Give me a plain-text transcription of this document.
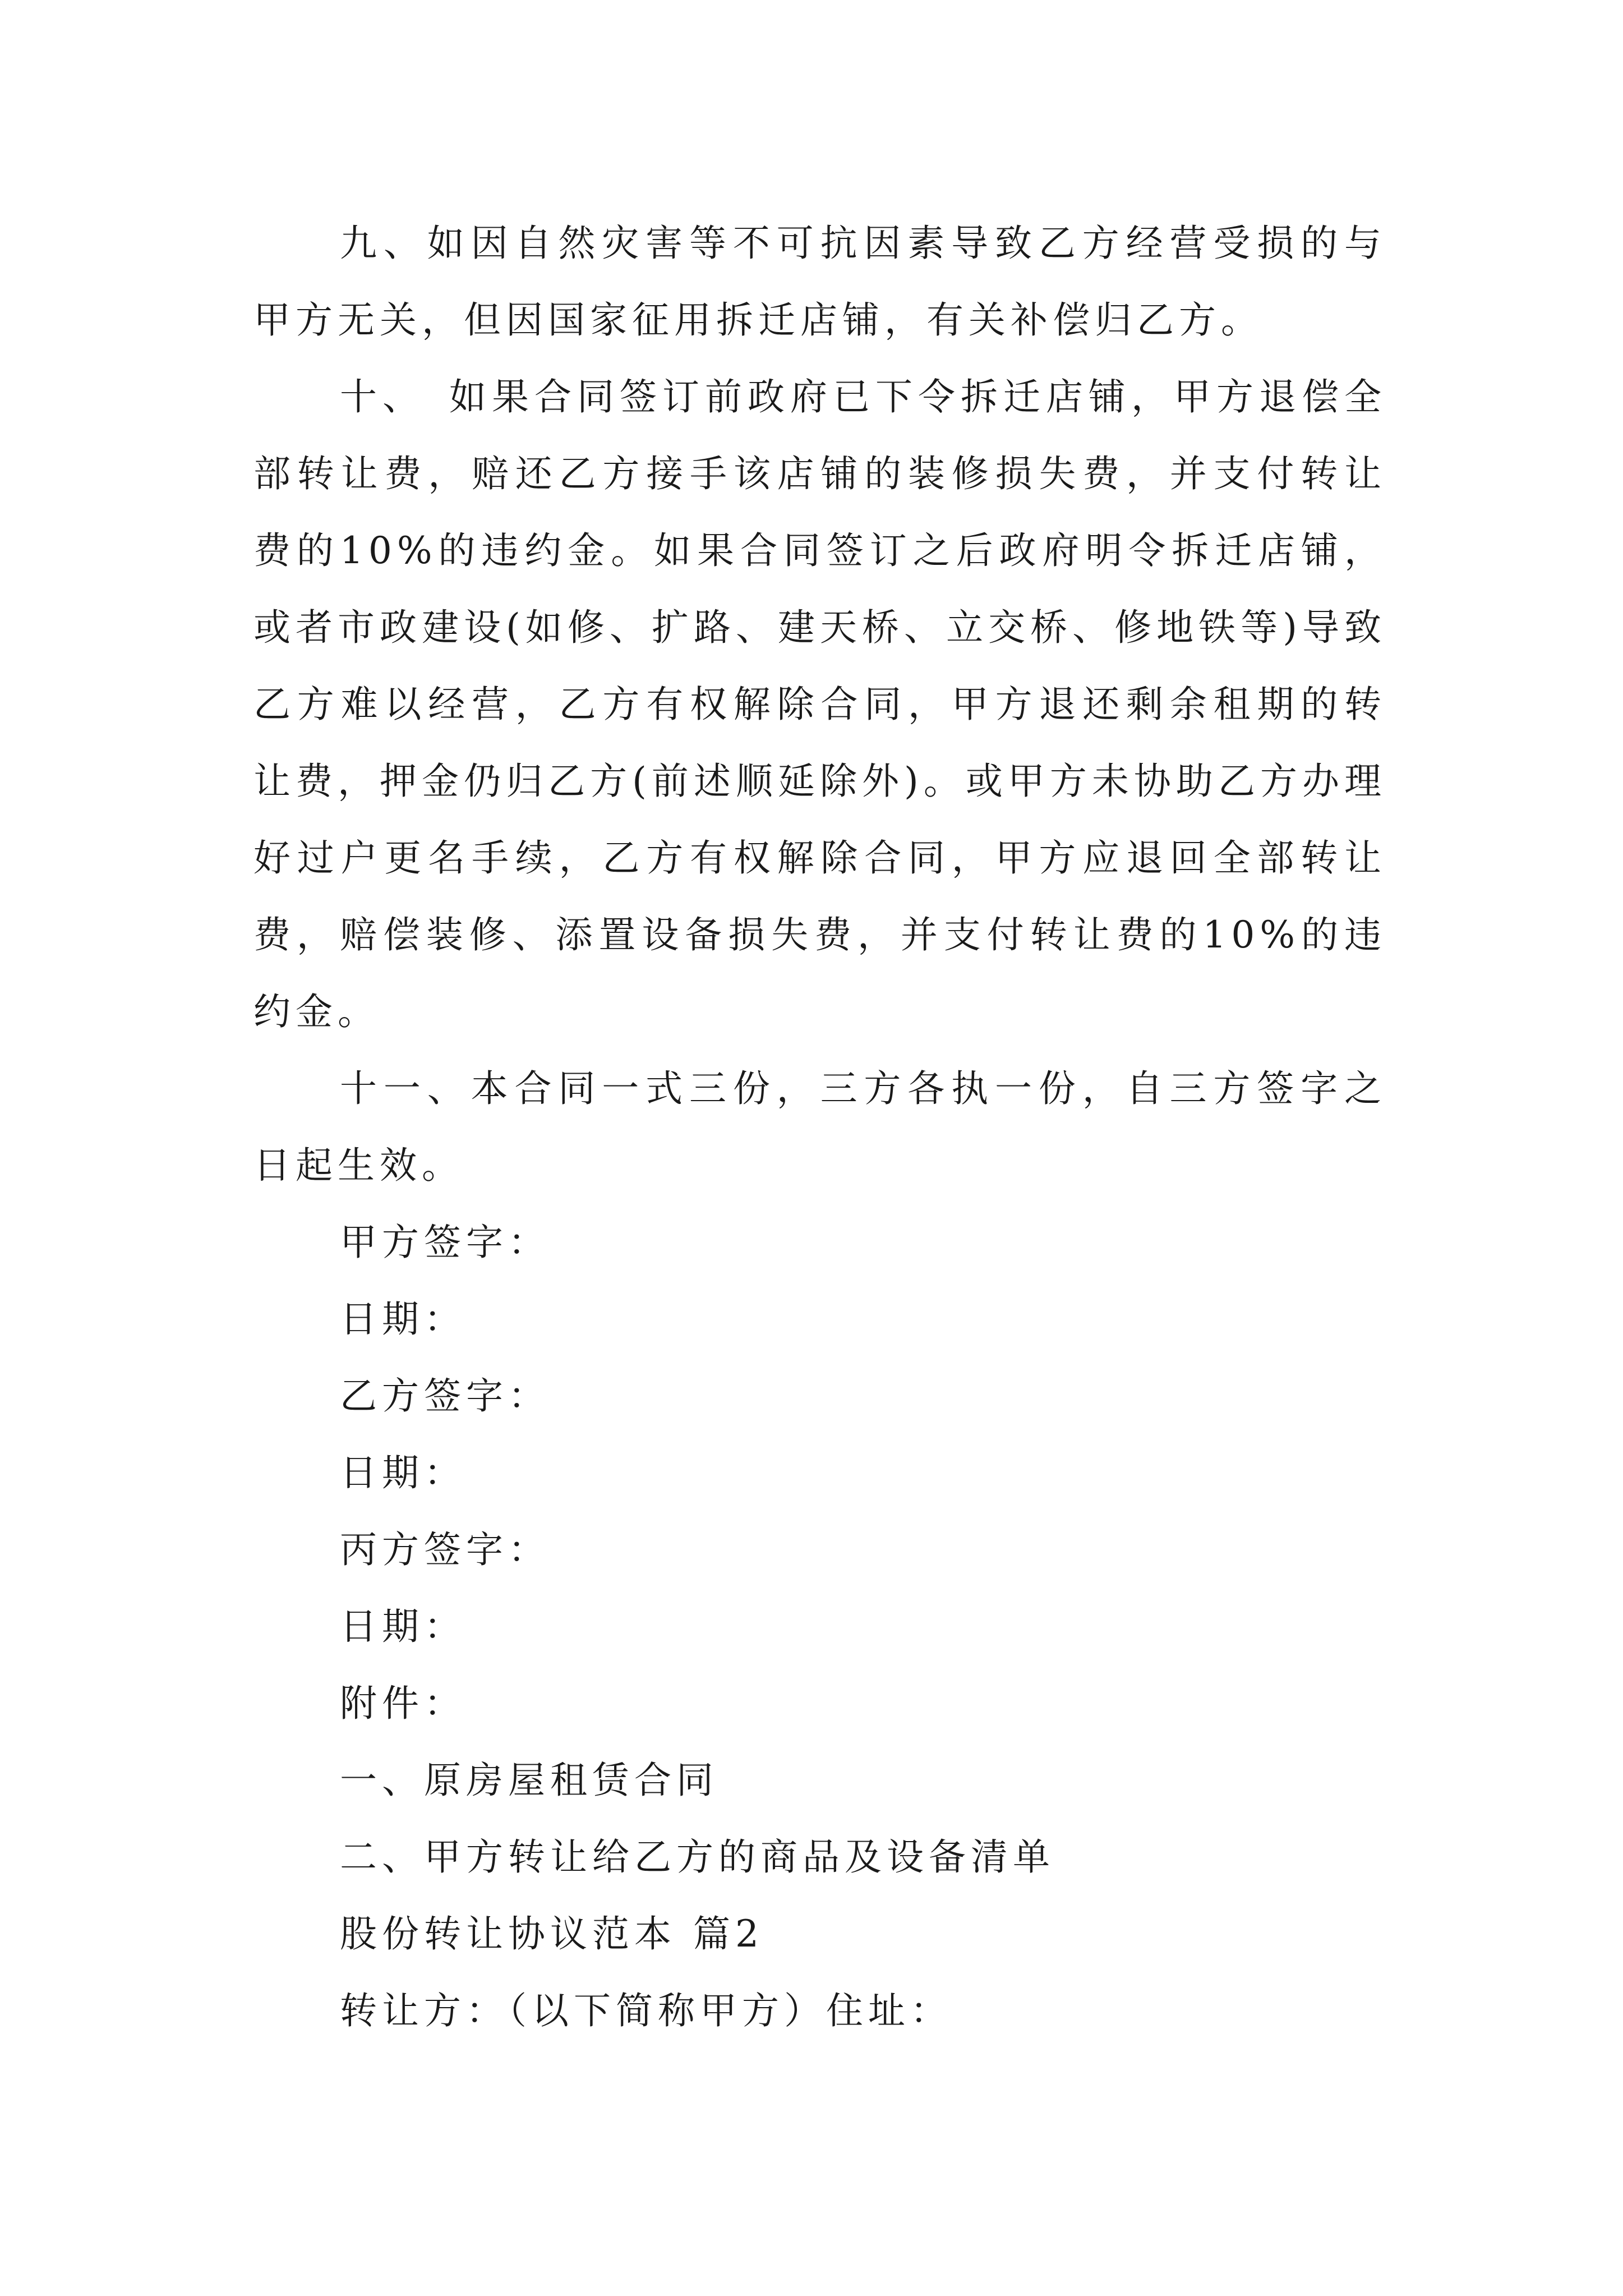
九、如因自然灾害等不可抗因素导致乙方经营受损的与甲方无关，但因国家征用拆迁店铺，有关补偿归乙方。

十、　如果合同签订前政府已下令拆迁店铺，甲方退偿全部转让费，赔还乙方接手该店铺的装修损失费，并支付转让费的10%的违约金。如果合同签订之后政府明令拆迁店铺，或者市政建设(如修、扩路、建天桥、立交桥、修地铁等)导致乙方难以经营，乙方有权解除合同，甲方退还剩余租期的转让费，押金仍归乙方(前述顺延除外)。或甲方未协助乙方办理好过户更名手续，乙方有权解除合同，甲方应退回全部转让费，赔偿装修、添置设备损失费，并支付转让费的10%的违约金。

十一、本合同一式三份，三方各执一份，自三方签字之日起生效。

甲方签字：

日期：

乙方签字：

日期：

丙方签字：

日期：

附件：

一、原房屋租赁合同

二、甲方转让给乙方的商品及设备清单

股份转让协议范本 篇2

转让方：（以下简称甲方）住址：
